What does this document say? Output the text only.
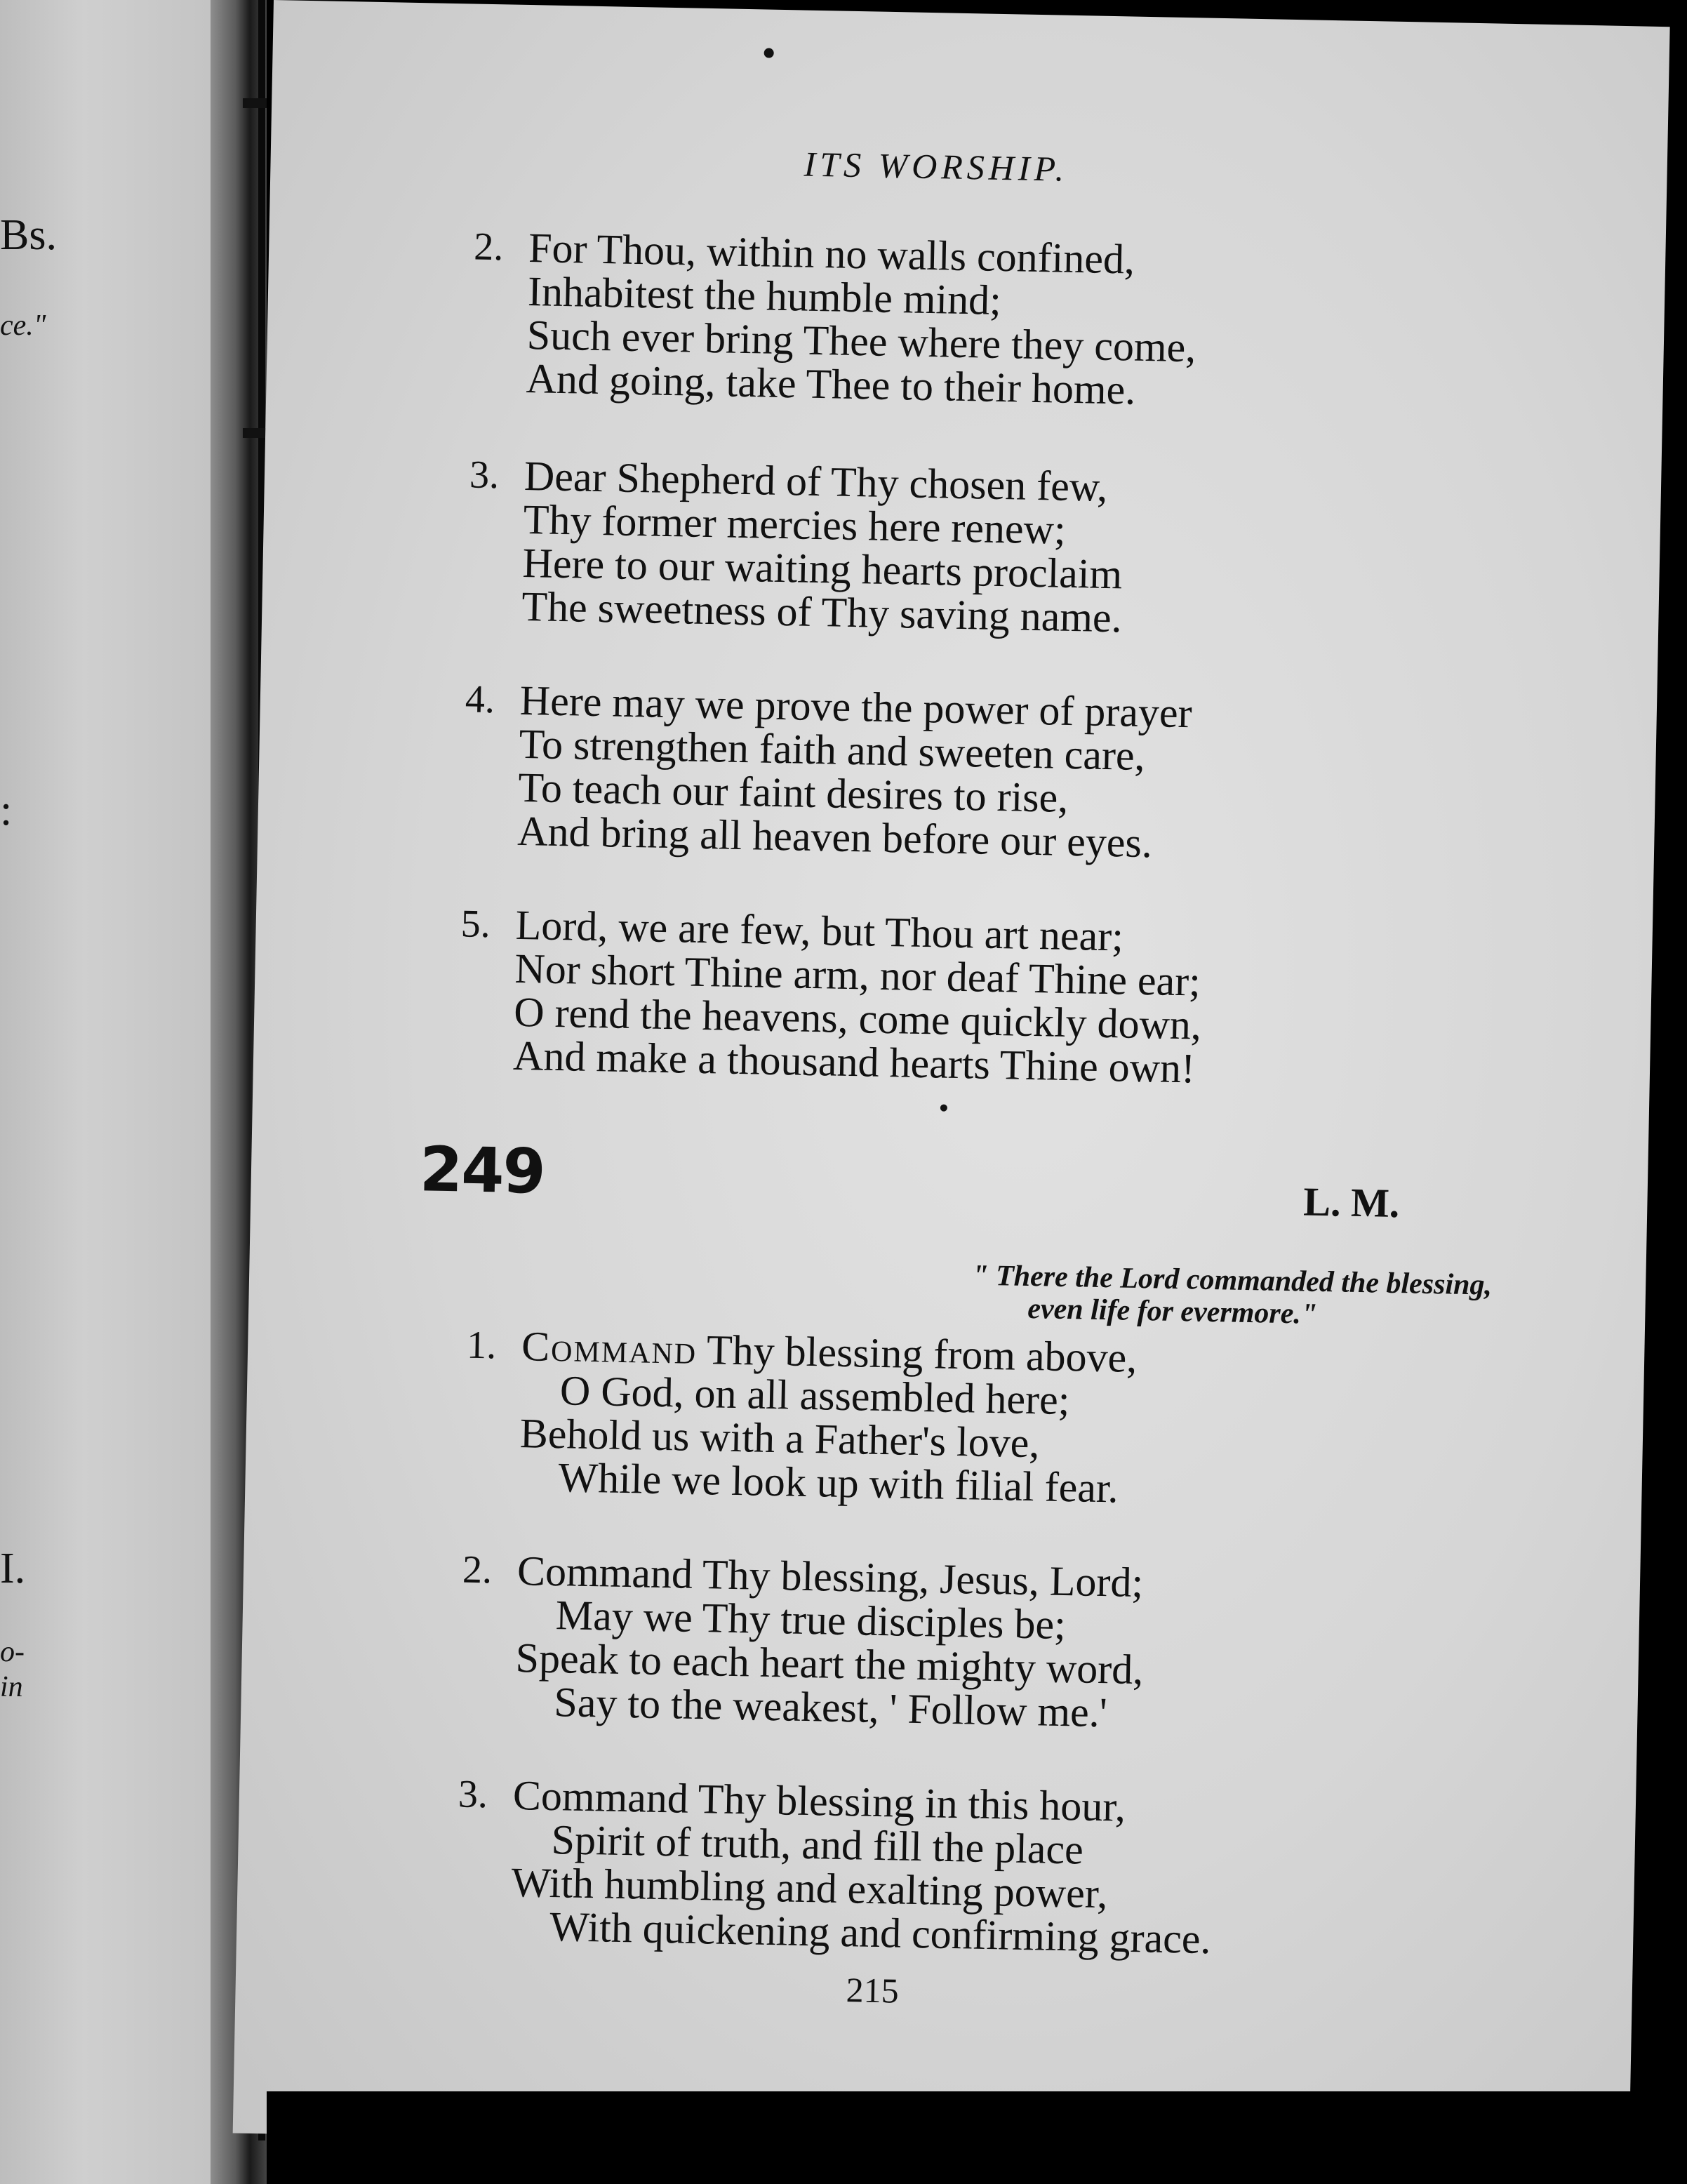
Bs.
ce."
:
I.
o-
in
ITS WORSHIP.
2. For Thou, within no walls confined,
Inhabitest the humble mind;
Such ever bring Thee where they come,
And going, take Thee to their home.
3. Dear Shepherd of Thy chosen few,
Thy former mercies here renew;
Here to our waiting hearts proclaim
The sweetness of Thy saving name.
4. Here may we prove the power of prayer
To strengthen faith and sweeten care,
To teach our faint desires to rise,
And bring all heaven before our eyes.
5. Lord, we are few, but Thou art near;
Nor short Thine arm, nor deaf Thine ear;
O rend the heavens, come quickly down,
And make a thousand hearts Thine own!
249	L. M.
" There the Lord commanded the blessing,
even life for evermore."
1. Command Thy blessing from above,
O God, on all assembled here;
Behold us with a Father's love,
While we look up with filial fear.
2. Command Thy blessing, Jesus, Lord;
May we Thy true disciples be;
Speak to each heart the mighty word,
Say to the weakest, ' Follow me.'
3. Command Thy blessing in this hour,
Spirit of truth, and fill the place
With humbling and exalting power,
With quickening and confirming grace.
215
